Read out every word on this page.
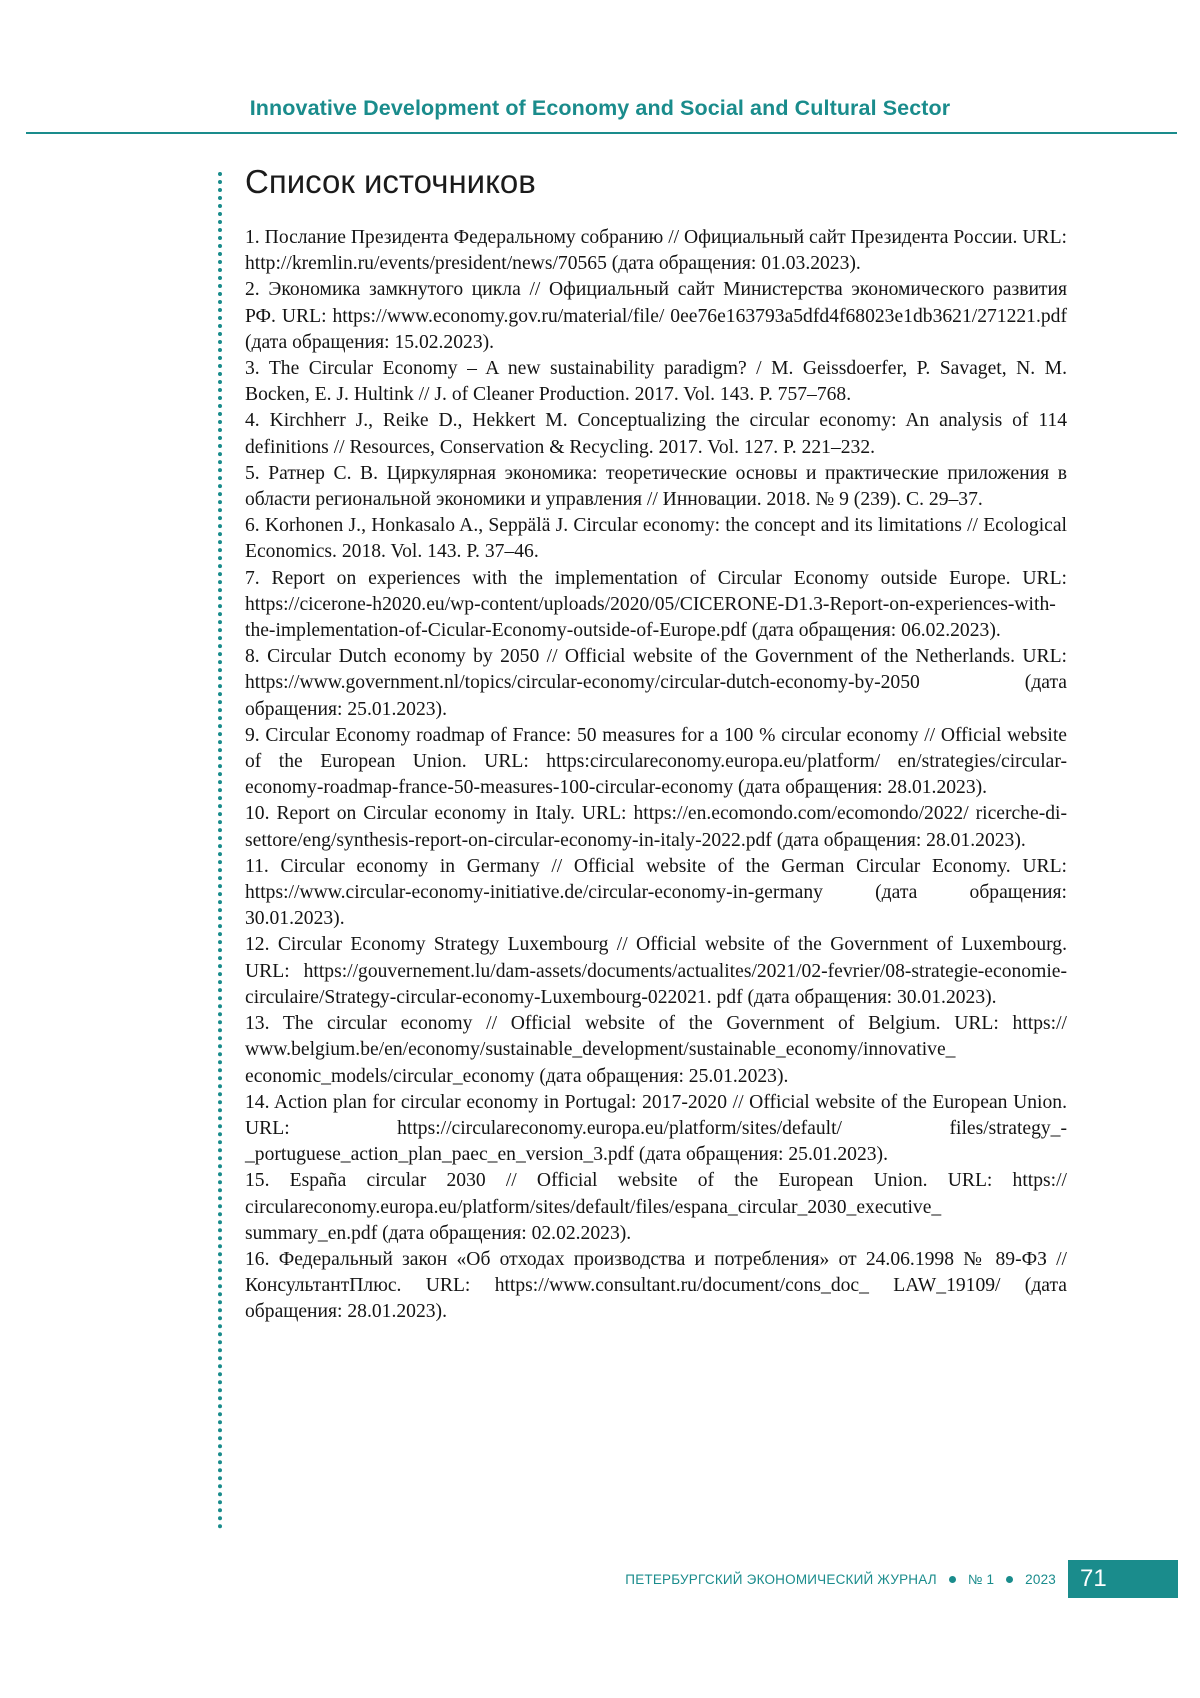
Innovative Development of Economy and Social and Cultural Sector
Список источников
1. Послание Президента Федеральному собранию // Официальный сайт Президента России. URL: http://kremlin.ru/events/president/news/70565 (дата обращения: 01.03.2023).
2. Экономика замкнутого цикла // Официальный сайт Министерства экономического развития РФ. URL: https://www.economy.gov.ru/material/file/ 0ee76e163793a5dfd4f68023e1db3621/271221.pdf (дата обращения: 15.02.2023).
3. The Circular Economy – A new sustainability paradigm? / M. Geissdoerfer, P. Savaget, N. M. Bocken, E. J. Hultink // J. of Cleaner Production. 2017. Vol. 143. P. 757–768.
4. Kirchherr J., Reike D., Hekkert M. Conceptualizing the circular economy: An analysis of 114 definitions // Resources, Conservation & Recycling. 2017. Vol. 127. P. 221–232.
5. Ратнер С. В. Циркулярная экономика: теоретические основы и практические приложения в области региональной экономики и управления // Инновации. 2018. № 9 (239). С. 29–37.
6. Korhonen J., Honkasalo A., Seppälä J. Circular economy: the concept and its limitations // Ecological Economics. 2018. Vol. 143. P. 37–46.
7. Report on experiences with the implementation of Circular Economy outside Europe. URL: https://cicerone-h2020.eu/wp-content/uploads/2020/05/CICERONE-D1.3-Report-on-experiences-with-the-implementation-of-Cicular-Economy-outside-of-Europe.pdf (дата обращения: 06.02.2023).
8. Circular Dutch economy by 2050 // Official website of the Government of the Netherlands. URL: https://www.government.nl/topics/circular-economy/circular-dutch-economy-by-2050 (дата обращения: 25.01.2023).
9. Circular Economy roadmap of France: 50 measures for a 100 % circular economy // Official website of the European Union. URL: https:circulareconomy.europa.eu/platform/ en/strategies/circular-economy-roadmap-france-50-measures-100-circular-economy (дата обращения: 28.01.2023).
10. Report on Circular economy in Italy. URL: https://en.ecomondo.com/ecomondo/2022/ ricerche-di-settore/eng/synthesis-report-on-circular-economy-in-italy-2022.pdf (дата обращения: 28.01.2023).
11. Circular economy in Germany // Official website of the German Circular Economy. URL: https://www.circular-economy-initiative.de/circular-economy-in-germany (дата обращения: 30.01.2023).
12. Circular Economy Strategy Luxembourg // Official website of the Government of Luxembourg. URL: https://gouvernement.lu/dam-assets/documents/actualites/2021/02-fevrier/08-strategie-economie-circulaire/Strategy-circular-economy-Luxembourg-022021. pdf (дата обращения: 30.01.2023).
13. The circular economy // Official website of the Government of Belgium. URL: https:// www.belgium.be/en/economy/sustainable_development/sustainable_economy/innovative_ economic_models/circular_economy (дата обращения: 25.01.2023).
14. Action plan for circular economy in Portugal: 2017-2020 // Official website of the European Union. URL: https://circulareconomy.europa.eu/platform/sites/default/ files/strategy_-_portuguese_action_plan_paec_en_version_3.pdf (дата обращения: 25.01.2023).
15. España circular 2030 // Official website of the European Union. URL: https:// circulareconomy.europa.eu/platform/sites/default/files/espana_circular_2030_executive_ summary_en.pdf (дата обращения: 02.02.2023).
16. Федеральный закон «Об отходах производства и потребления» от 24.06.1998 № 89-ФЗ // КонсультантПлюс. URL: https://www.consultant.ru/document/cons_doc_ LAW_19109/ (дата обращения: 28.01.2023).
ПЕТЕРБУРГСКИЙ ЭКОНОМИЧЕСКИЙ ЖУРНАЛ № 1 2023 71
